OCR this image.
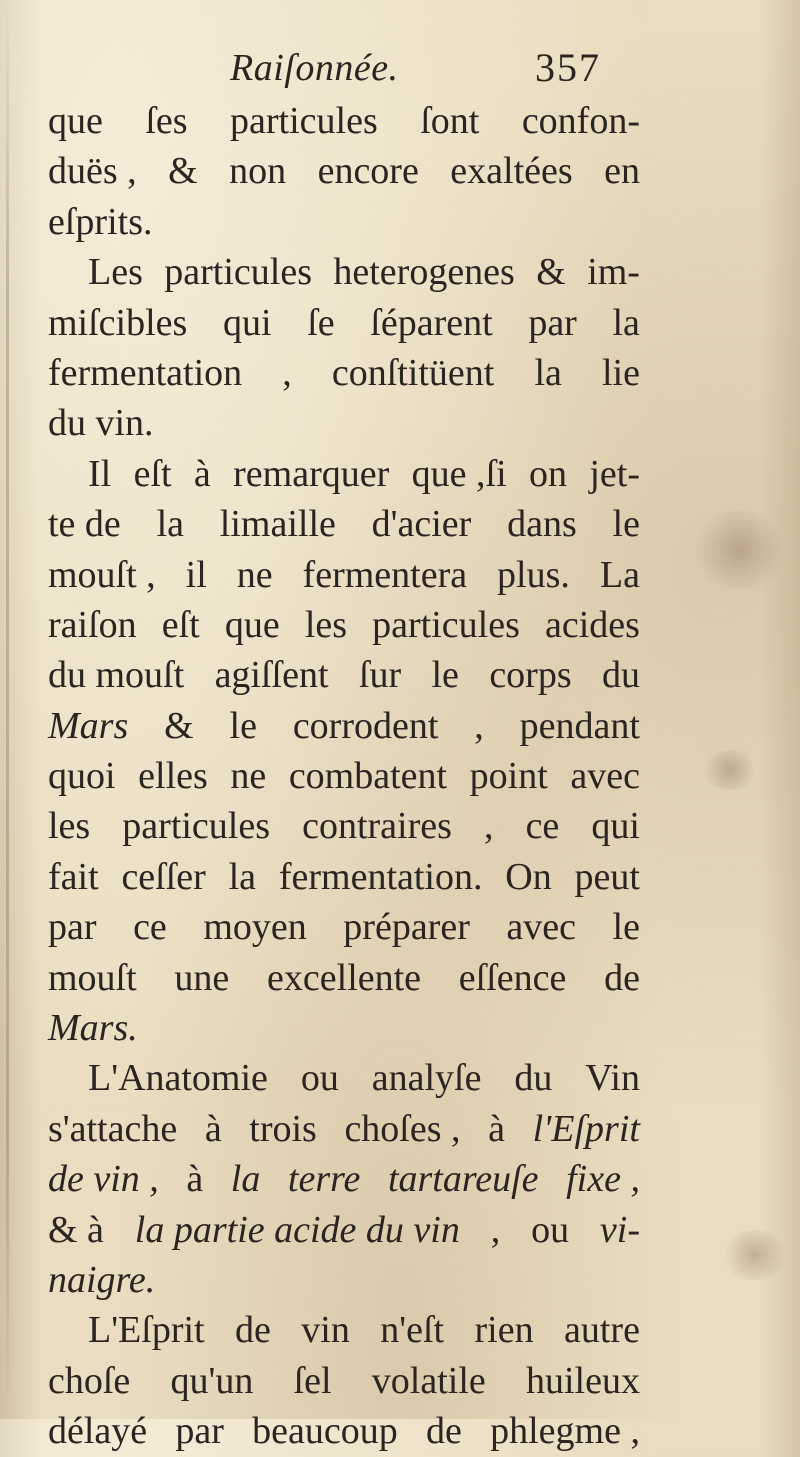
Raiſonnée.	357
que ſes particules ſont confon-
duës , & non encore exaltées en
eſprits.
Les particules heterogenes & im-
miſcibles qui ſe ſéparent par la
fermentation , conſtitüent la lie
du vin.
Il eſt à remarquer que ,ſi on jet-
te de la limaille d'acier dans le
mouſt , il ne fermentera plus. La
raiſon eſt que les particules acides
du mouſt agiſſent ſur le corps du
Mars & le corrodent , pendant
quoi elles ne combatent point avec
les particules contraires , ce qui
fait ceſſer la fermentation. On peut
par ce moyen préparer avec le
mouſt une excellente eſſence de
Mars.
L'Anatomie ou analyſe du Vin
s'attache à trois choſes , à l'Eſprit
de vin , à la terre tartareuſe fixe ,
& à la partie acide du vin , ou vi-
naigre.
L'Eſprit de vin n'eſt rien autre
choſe qu'un ſel volatile huileux
délayé par beaucoup de phlegme ,
